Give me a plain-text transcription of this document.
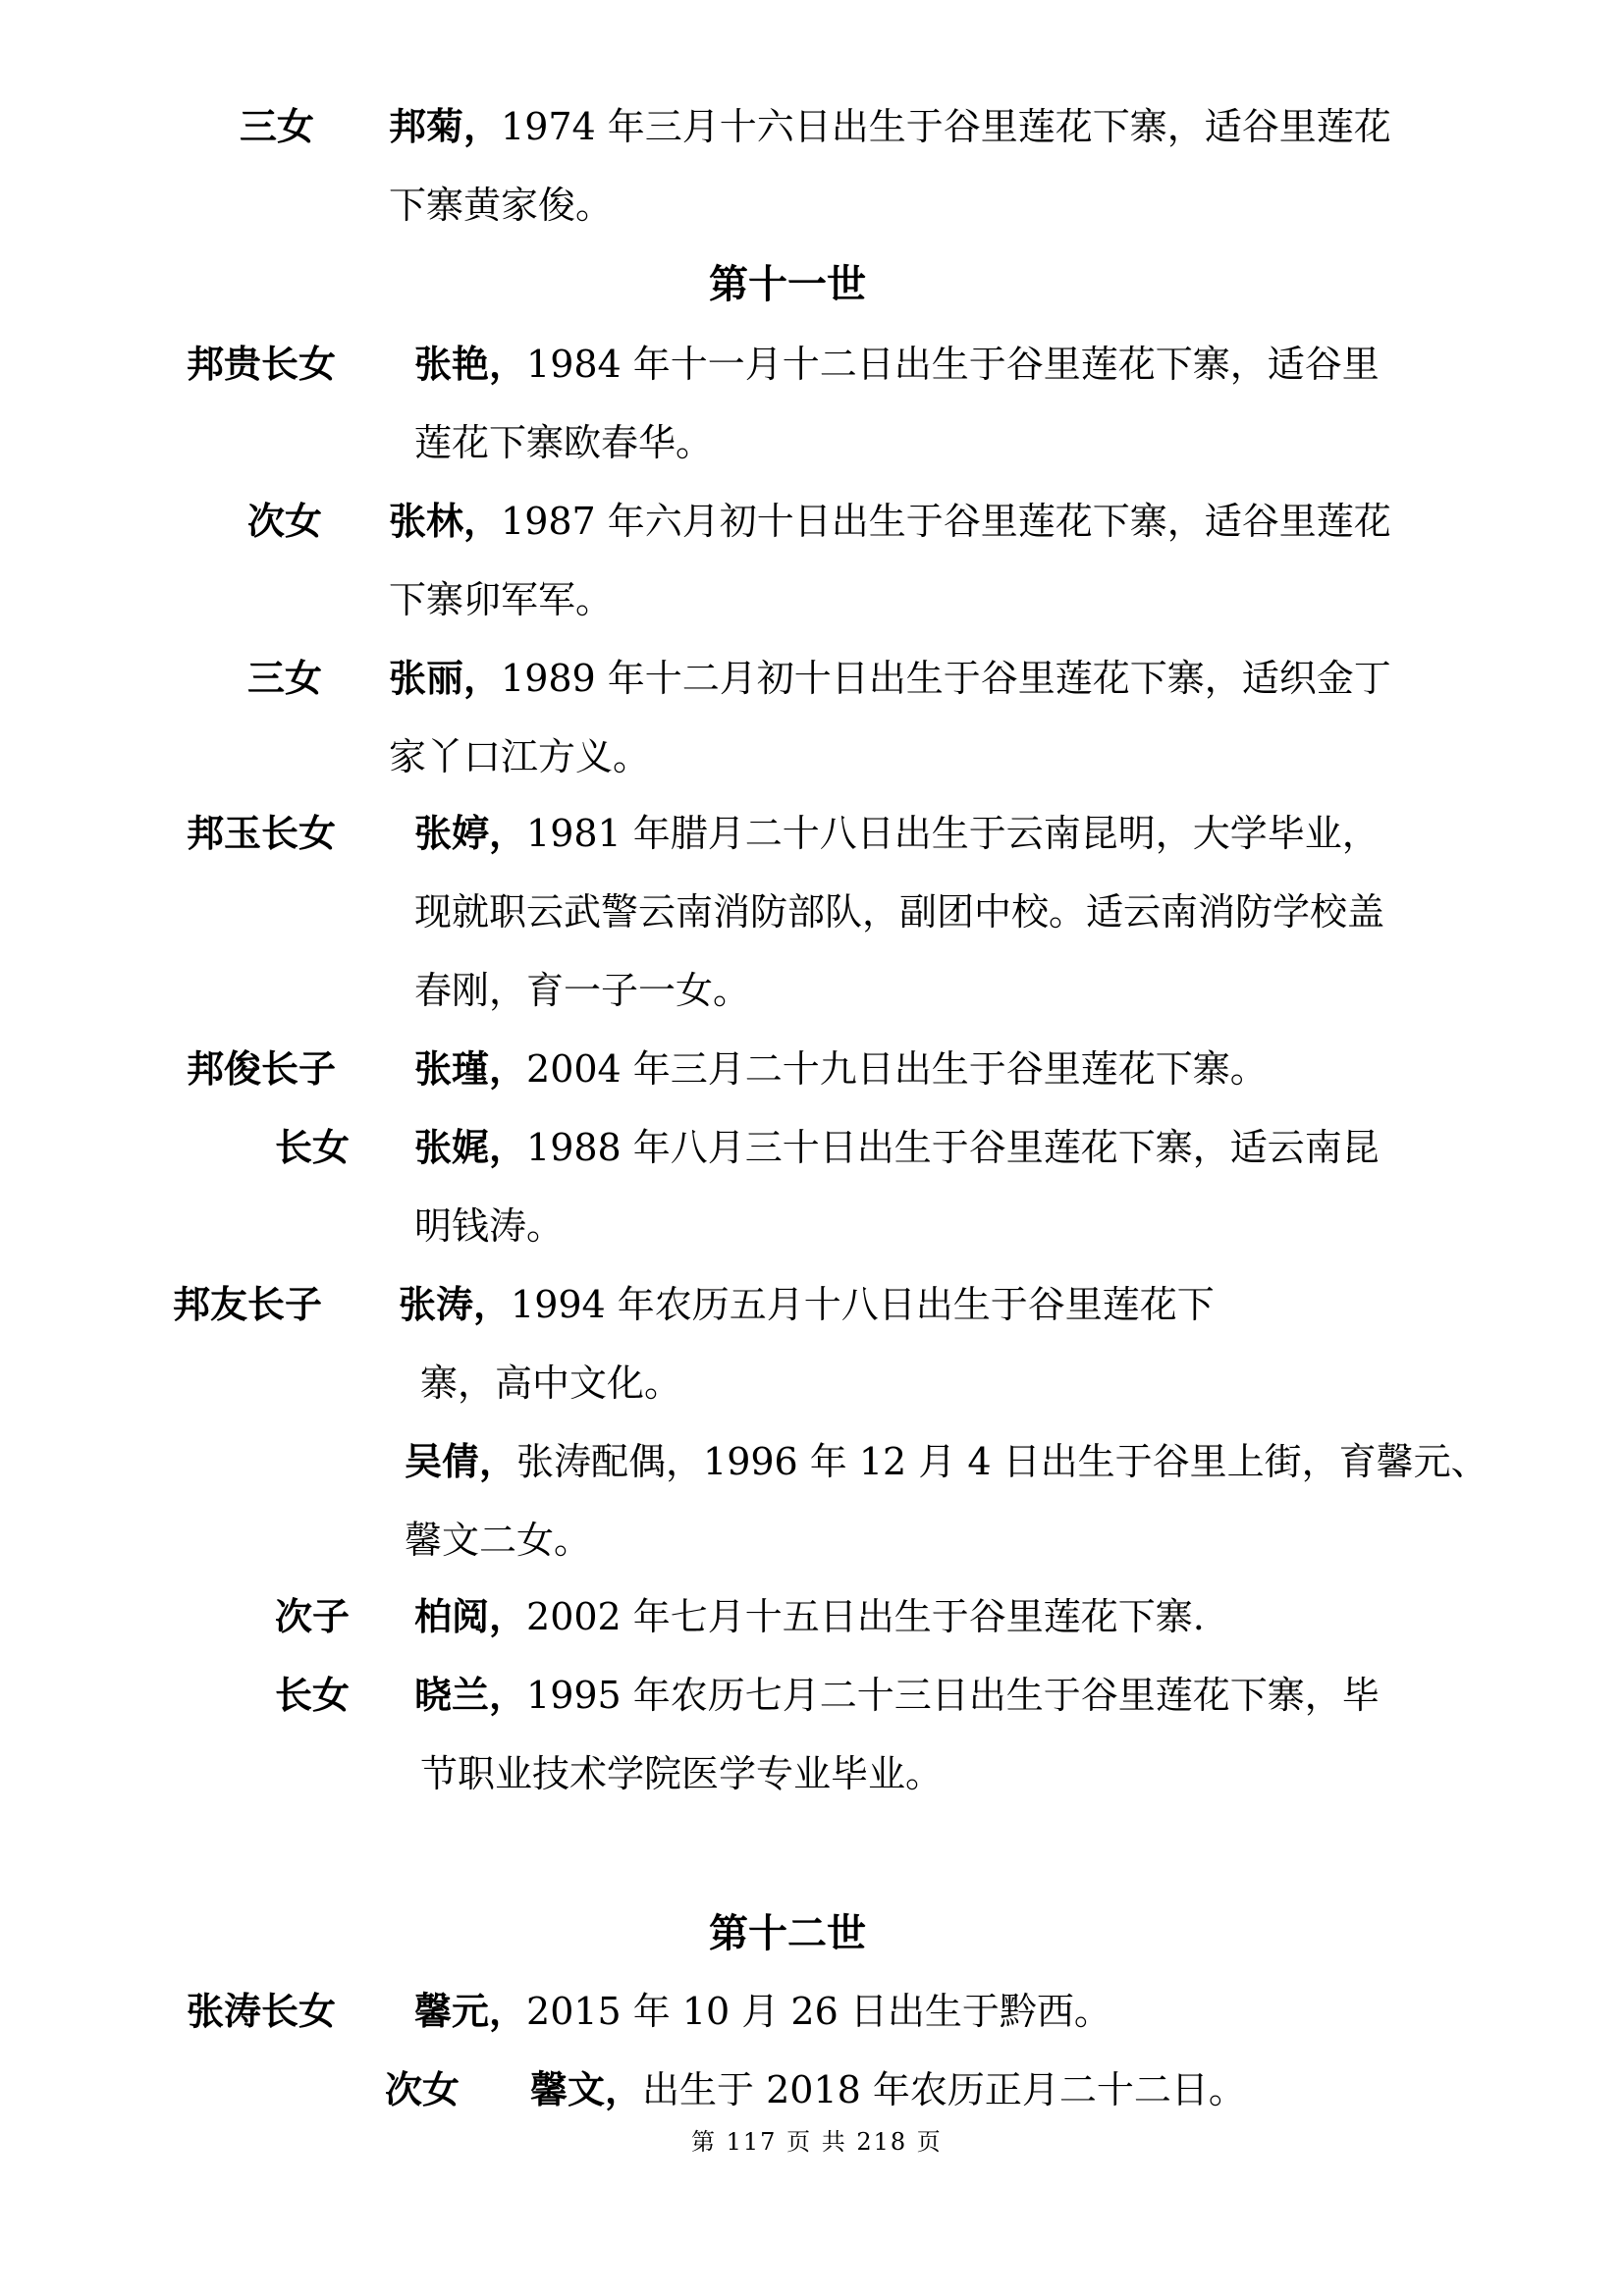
三女 邦菊，1974 年三月十六日出生于谷里莲花下寨，适谷里莲花
下寨黄家俊。
第十一世
邦贵长女 张艳，1984 年十一月十二日出生于谷里莲花下寨，适谷里
莲花下寨欧春华。
次女 张林，1987 年六月初十日出生于谷里莲花下寨，适谷里莲花
下寨卯军军。
三女 张丽，1989 年十二月初十日出生于谷里莲花下寨，适织金丁
家丫口江方义。
邦玉长女 张婷，1981 年腊月二十八日出生于云南昆明，大学毕业，
现就职云武警云南消防部队，副团中校。适云南消防学校盖
春刚，育一子一女。
邦俊长子 张瑾，2004 年三月二十九日出生于谷里莲花下寨。
长女 张娓，1988 年八月三十日出生于谷里莲花下寨，适云南昆
明钱涛。
邦友长子 张涛，1994 年农历五月十八日出生于谷里莲花下
寨，高中文化。
吴倩，张涛配偶，1996 年 12 月 4 日出生于谷里上街，育馨元、
馨文二女。
次子 柏阅，2002 年七月十五日出生于谷里莲花下寨.
长女 晓兰，1995 年农历七月二十三日出生于谷里莲花下寨，毕
节职业技术学院医学专业毕业。
第十二世
张涛长女 馨元，2015 年 10 月 26 日出生于黔西。
次女 馨文，出生于 2018 年农历正月二十二日。
第 117 页 共 218 页
